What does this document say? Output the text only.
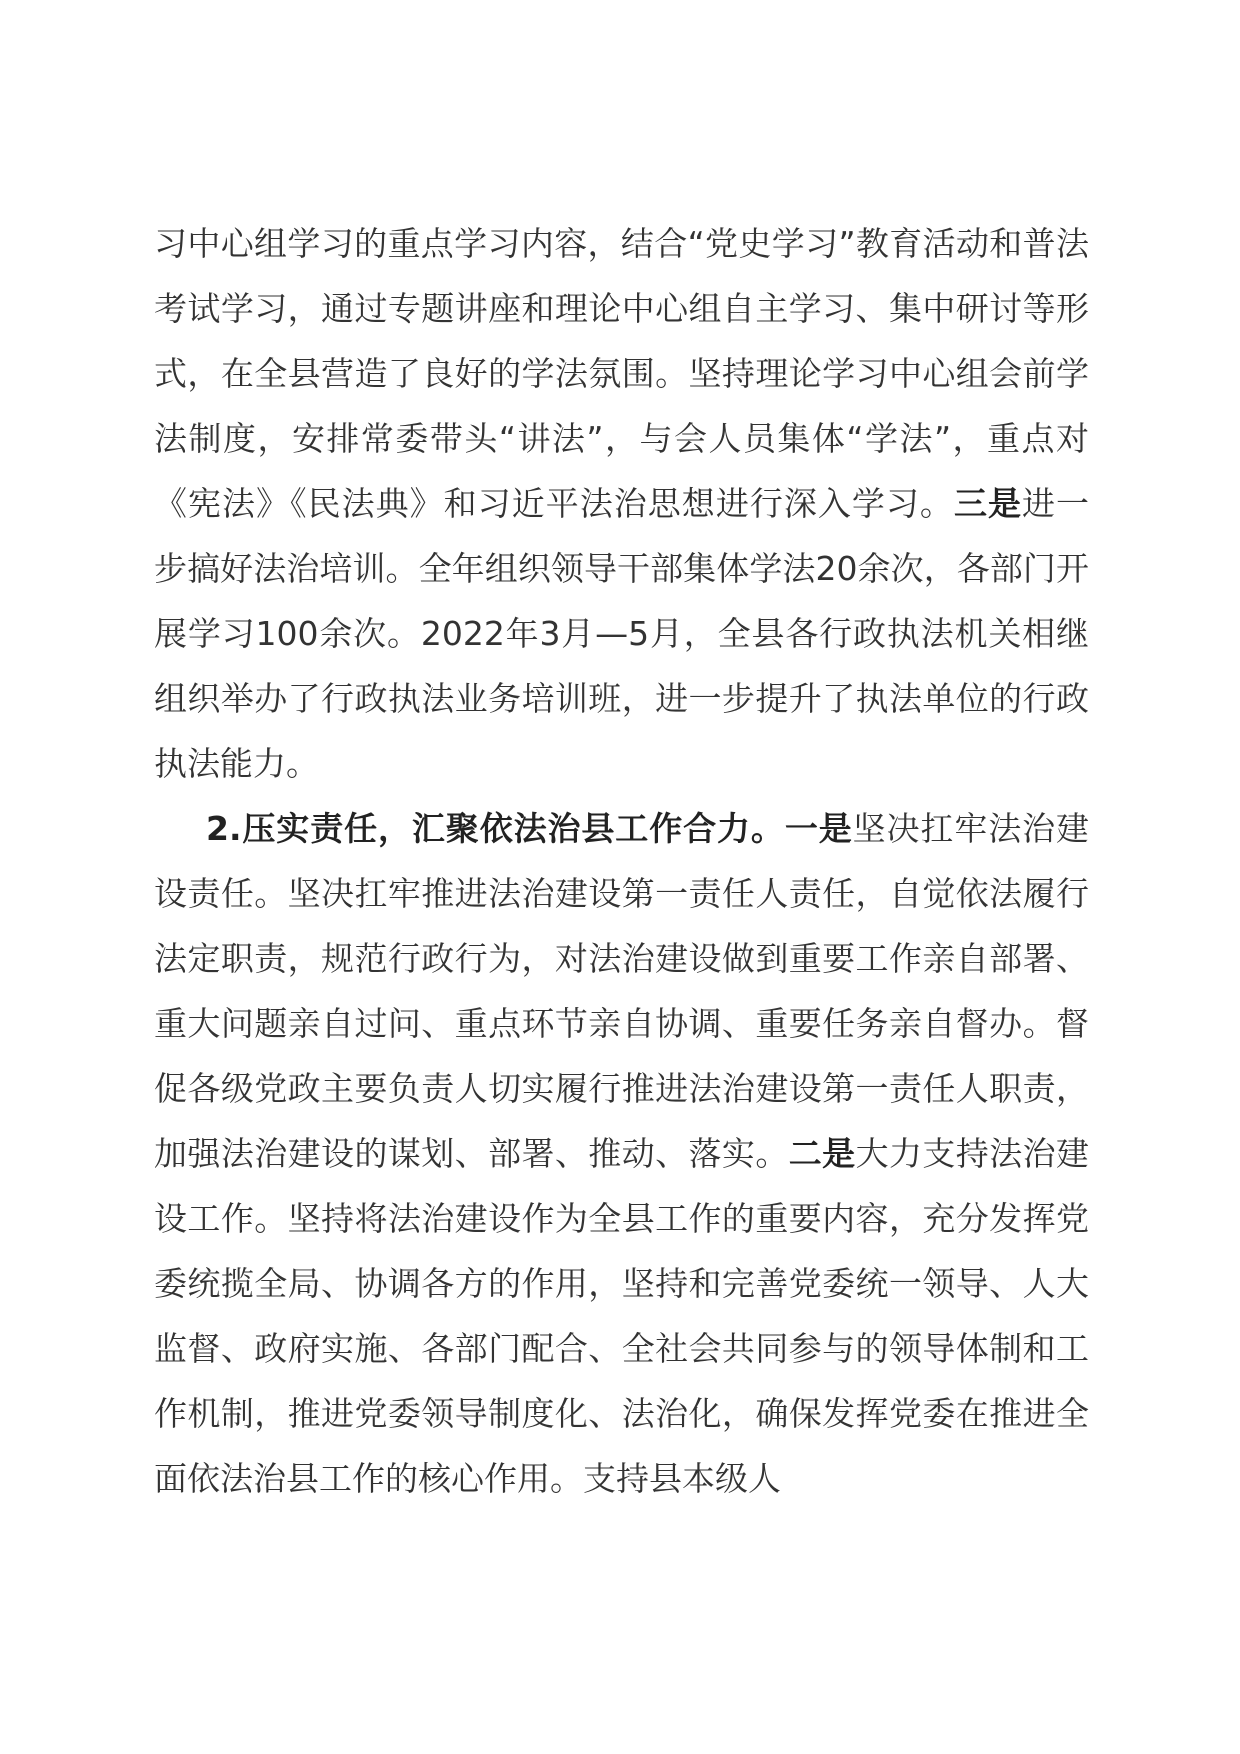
习中心组学习的重点学习内容，结合“党史学习”教育活动和普法考试学习，通过专题讲座和理论中心组自主学习、集中研讨等形式，在全县营造了良好的学法氛围。坚持理论学习中心组会前学法制度，安排常委带头“讲法”，与会人员集体“学法”，重点对《宪法》《民法典》和习近平法治思想进行深入学习。三是进一步搞好法治培训。全年组织领导干部集体学法20余次，各部门开展学习100余次。2022年3月—5月，全县各行政执法机关相继组织举办了行政执法业务培训班，进一步提升了执法单位的行政执法能力。

2.压实责任，汇聚依法治县工作合力。一是坚决扛牢法治建设责任。坚决扛牢推进法治建设第一责任人责任，自觉依法履行法定职责，规范行政行为，对法治建设做到重要工作亲自部署、重大问题亲自过问、重点环节亲自协调、重要任务亲自督办。督促各级党政主要负责人切实履行推进法治建设第一责任人职责，加强法治建设的谋划、部署、推动、落实。二是大力支持法治建设工作。坚持将法治建设作为全县工作的重要内容，充分发挥党委统揽全局、协调各方的作用，坚持和完善党委统一领导、人大监督、政府实施、各部门配合、全社会共同参与的领导体制和工作机制，推进党委领导制度化、法治化，确保发挥党委在推进全面依法治县工作的核心作用。支持县本级人
